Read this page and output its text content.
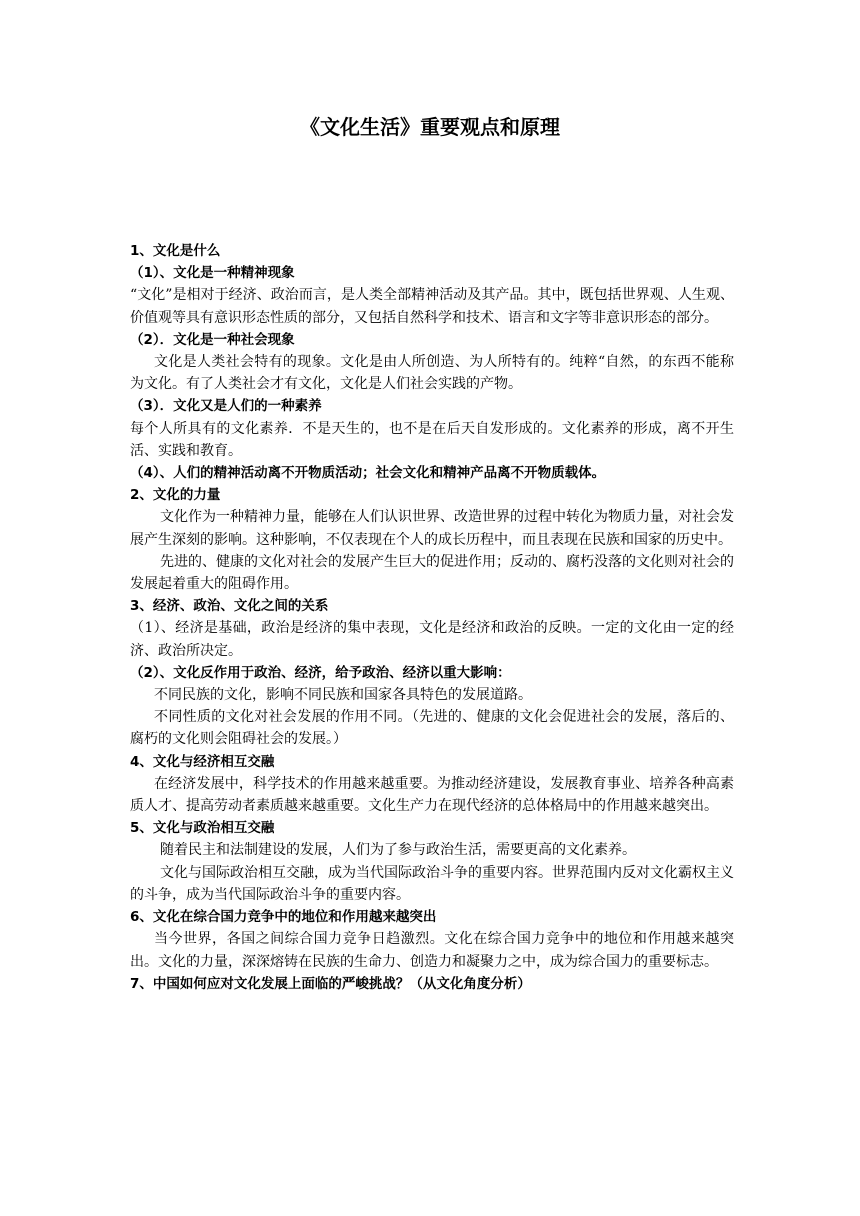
《文化生活》重要观点和原理

1、文化是什么

（1）、文化是一种精神现象

“文化”是相对于经济、政治而言，是人类全部精神活动及其产品。其中，既包括世界观、人生观、价值观等具有意识形态性质的部分，又包括自然科学和技术、语言和文字等非意识形态的部分。

（2）．文化是一种社会现象

文化是人类社会特有的现象。文化是由人所创造、为人所特有的。纯粹“自然，的东西不能称为文化。有了人类社会才有文化，文化是人们社会实践的产物。

（3）．文化又是人们的一种素养

每个人所具有的文化素养．不是天生的，也不是在后天自发形成的。文化素养的形成，离不开生活、实践和教育。

（4）、人们的精神活动离不开物质活动；社会文化和精神产品离不开物质载体。

2、文化的力量

文化作为一种精神力量，能够在人们认识世界、改造世界的过程中转化为物质力量，对社会发展产生深刻的影响。这种影响，不仅表现在个人的成长历程中，而且表现在民族和国家的历史中。

先进的、健康的文化对社会的发展产生巨大的促进作用；反动的、腐朽没落的文化则对社会的发展起着重大的阻碍作用。

3、经济、政治、文化之间的关系

（1）、经济是基础，政治是经济的集中表现，文化是经济和政治的反映。一定的文化由一定的经济、政治所决定。

（2）、文化反作用于政治、经济，给予政治、经济以重大影响：

不同民族的文化，影响不同民族和国家各具特色的发展道路。

不同性质的文化对社会发展的作用不同。（先进的、健康的文化会促进社会的发展，落后的、腐朽的文化则会阻碍社会的发展。）

4、文化与经济相互交融

在经济发展中，科学技术的作用越来越重要。为推动经济建设，发展教育事业、培养各种高素质人才、提高劳动者素质越来越重要。文化生产力在现代经济的总体格局中的作用越来越突出。

5、文化与政治相互交融

随着民主和法制建设的发展，人们为了参与政治生活，需要更高的文化素养。

文化与国际政治相互交融，成为当代国际政治斗争的重要内容。世界范围内反对文化霸权主义的斗争，成为当代国际政治斗争的重要内容。

6、文化在综合国力竞争中的地位和作用越来越突出

当今世界，各国之间综合国力竞争日趋激烈。文化在综合国力竞争中的地位和作用越来越突出。文化的力量，深深熔铸在民族的生命力、创造力和凝聚力之中，成为综合国力的重要标志。

7、中国如何应对文化发展上面临的严峻挑战？（从文化角度分析）
